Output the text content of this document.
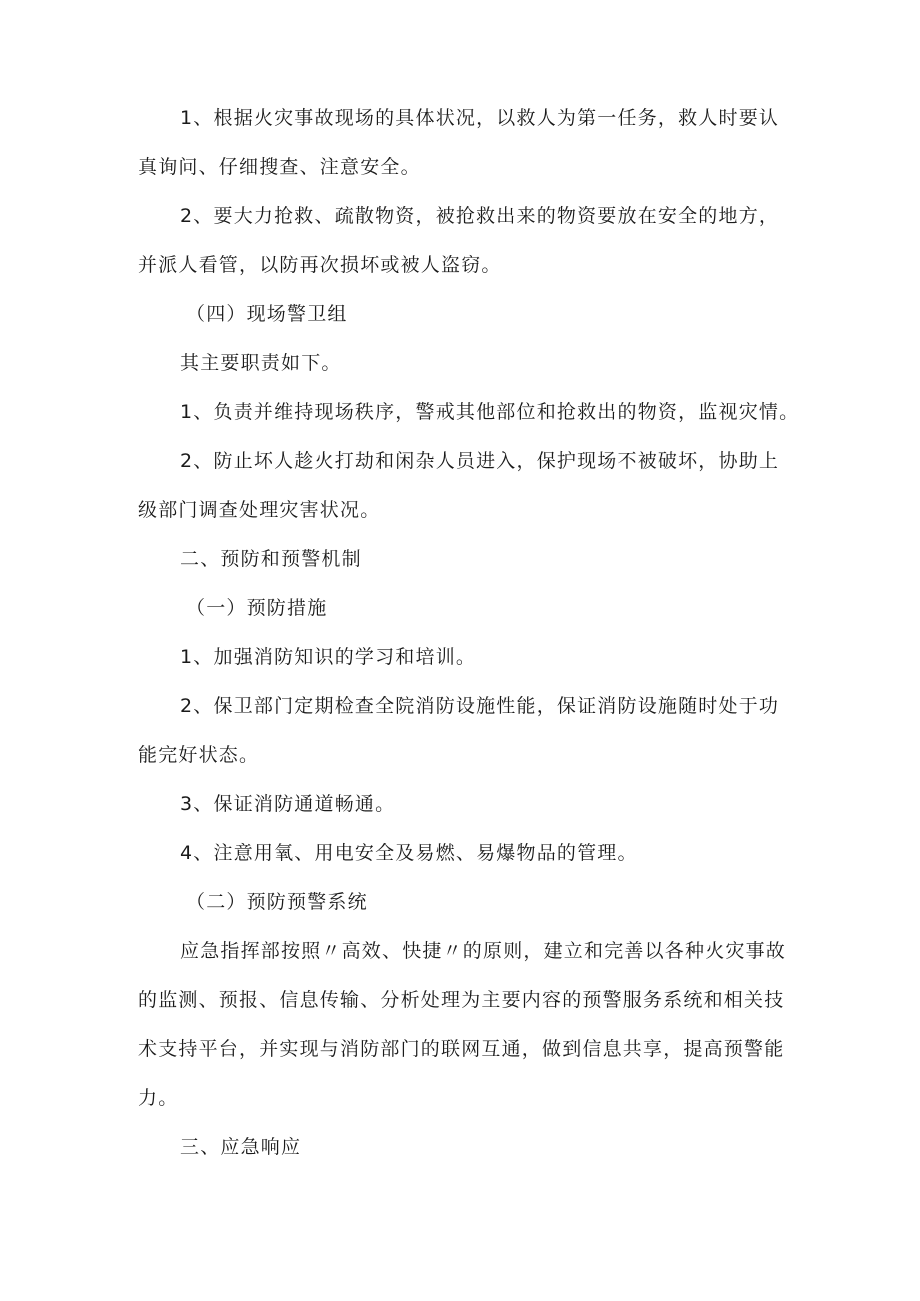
1、根据火灾事故现场的具体状况，以救人为第一任务，救人时要认
真询问、仔细搜查、注意安全。
2、要大力抢救、疏散物资，被抢救出来的物资要放在安全的地方，
并派人看管，以防再次损坏或被人盗窃。
（四）现场警卫组
其主要职责如下。
1、负责并维持现场秩序，警戒其他部位和抢救出的物资，监视灾情。
2、防止坏人趁火打劫和闲杂人员进入，保护现场不被破坏，协助上
级部门调查处理灾害状况。
二、预防和预警机制
（一）预防措施
1、加强消防知识的学习和培训。
2、保卫部门定期检查全院消防设施性能，保证消防设施随时处于功
能完好状态。
3、保证消防通道畅通。
4、注意用氧、用电安全及易燃、易爆物品的管理。
（二）预防预警系统
应急指挥部按照〃高效、快捷〃的原则，建立和完善以各种火灾事故
的监测、预报、信息传输、分析处理为主要内容的预警服务系统和相关技
术支持平台，并实现与消防部门的联网互通，做到信息共享，提高预警能
力。
三、应急响应
